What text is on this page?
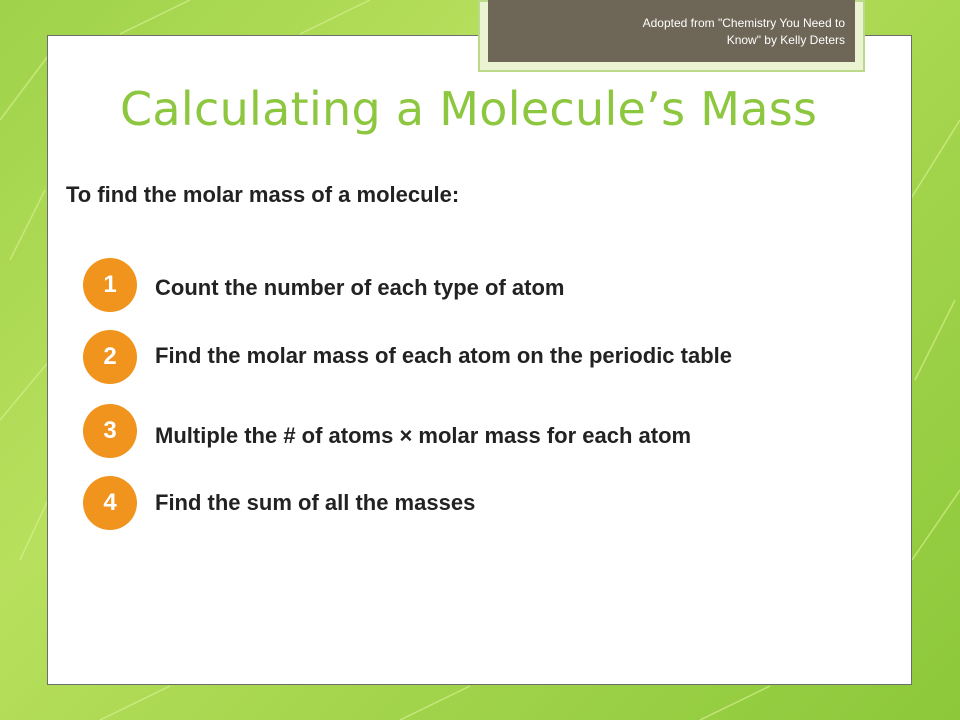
Adopted from "Chemistry You Need to Know" by Kelly Deters
Calculating a Molecule’s Mass
To find the molar mass of a molecule:
1	Count the number of each type of atom
2	Find the molar mass of each atom on the periodic table
3	Multiple the # of atoms × molar mass for each atom
4	Find the sum of all the masses
